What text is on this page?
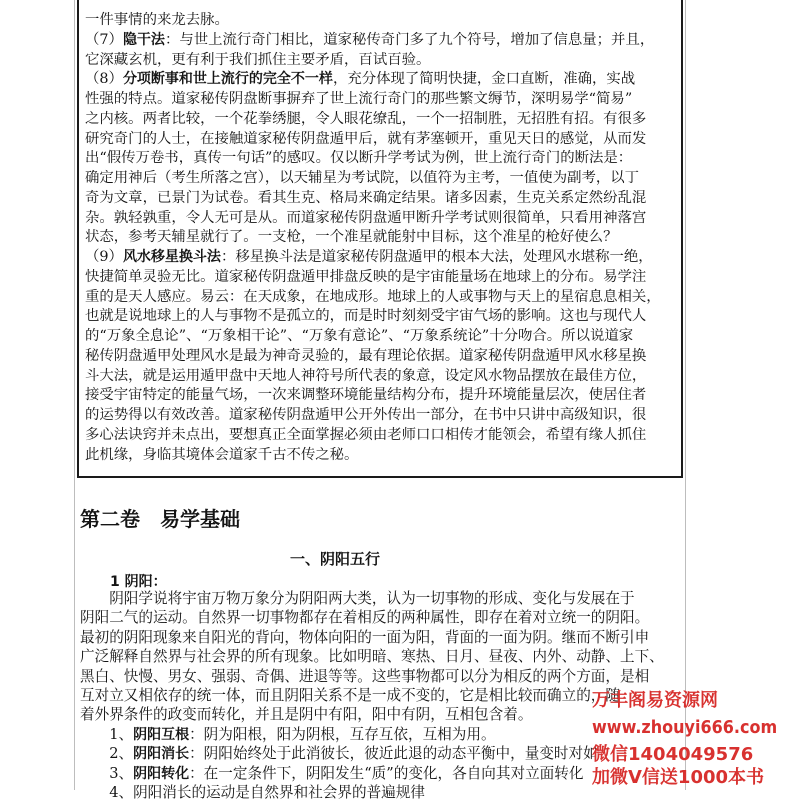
一件事情的来龙去脉。
（7）隐干法：与世上流行奇门相比，道家秘传奇门多了九个符号，增加了信息量；并且，
它深藏玄机，更有利于我们抓住主要矛盾，百试百验。
（8）分项断事和世上流行的完全不一样，充分体现了简明快捷，金口直断，准确，实战
性强的特点。道家秘传阴盘断事摒弃了世上流行奇门的那些繁文缛节，深明易学“简易”
之内核。两者比较，一个花拳绣腿，令人眼花缭乱，一个一招制胜，无招胜有招。有很多
研究奇门的人士，在接触道家秘传阴盘遁甲后，就有茅塞顿开，重见天日的感觉，从而发
出“假传万卷书，真传一句话”的感叹。仅以断升学考试为例，世上流行奇门的断法是：
确定用神后（考生所落之宫），以天辅星为考试院，以值符为主考，一值使为副考，以丁
奇为文章，已景门为试卷。看其生克、格局来确定结果。诸多因素，生克关系定然纷乱混
杂。孰轻孰重，令人无可是从。而道家秘传阴盘遁甲断升学考试则很简单，只看用神落宫
状态，参考天辅星就行了。一支枪，一个准星就能射中目标，这个准星的枪好使么？
（9）风水移星换斗法：移星换斗法是道家秘传阴盘遁甲的根本大法，处理风水堪称一绝，
快捷简单灵验无比。道家秘传阴盘遁甲排盘反映的是宇宙能量场在地球上的分布。易学注
重的是天人感应。易云：在天成象，在地成形。地球上的人或事物与天上的星宿息息相关，
也就是说地球上的人与事物不是孤立的，而是时时刻刻受宇宙气场的影响。这也与现代人
的“万象全息论”、“万象相干论”、“万象有意论”、“万象系统论”十分吻合。所以说道家
秘传阴盘遁甲处理风水是最为神奇灵验的，最有理论依据。道家秘传阴盘遁甲风水移星换
斗大法，就是运用遁甲盘中天地人神符号所代表的象意，设定风水物品摆放在最佳方位，
接受宇宙特定的能量气场，一次来调整环境能量结构分布，提升环境能量层次，使居住者
的运势得以有效改善。道家秘传阴盘遁甲公开外传出一部分，在书中只讲中高级知识，很
多心法诀窍并未点出，要想真正全面掌握必须由老师口口相传才能领会，希望有缘人抓住
此机缘，身临其境体会道家千古不传之秘。
第二卷　易学基础
一、阴阳五行
1 阴阳：
　　阴阳学说将宇宙万物万象分为阴阳两大类，认为一切事物的形成、变化与发展在于
阴阳二气的运动。自然界一切事物都存在着相反的两种属性，即存在着对立统一的阴阳。
最初的阴阳现象来自阳光的背向，物体向阳的一面为阳，背面的一面为阴。继而不断引申
广泛解释自然界与社会界的所有现象。比如明暗、寒热、日月、昼夜、内外、动静、上下、
黑白、快慢、男女、强弱、奇偶、进退等等。这些事物都可以分为相反的两个方面，是相
互对立又相依存的统一体，而且阴阳关系不是一成不变的，它是相比较而确立的，随
着外界条件的政变而转化，并且是阴中有阳，阳中有阴，互相包含着。
　　1、阴阳互根：阴为阳根，阳为阴根，互存互依，互相为用。
　　2、阴阳消长：阴阳始终处于此消彼长，彼近此退的动态平衡中，量变时对如
　　3、阴阳转化：在一定条件下，阴阳发生“质”的变化，各自向其对立面转化
　　4、阴阳消长的运动是自然界和社会界的普遍规律
万丰阁易资源网
www.zhouyi666.com
微信1404049576
加微V信送1000本书
